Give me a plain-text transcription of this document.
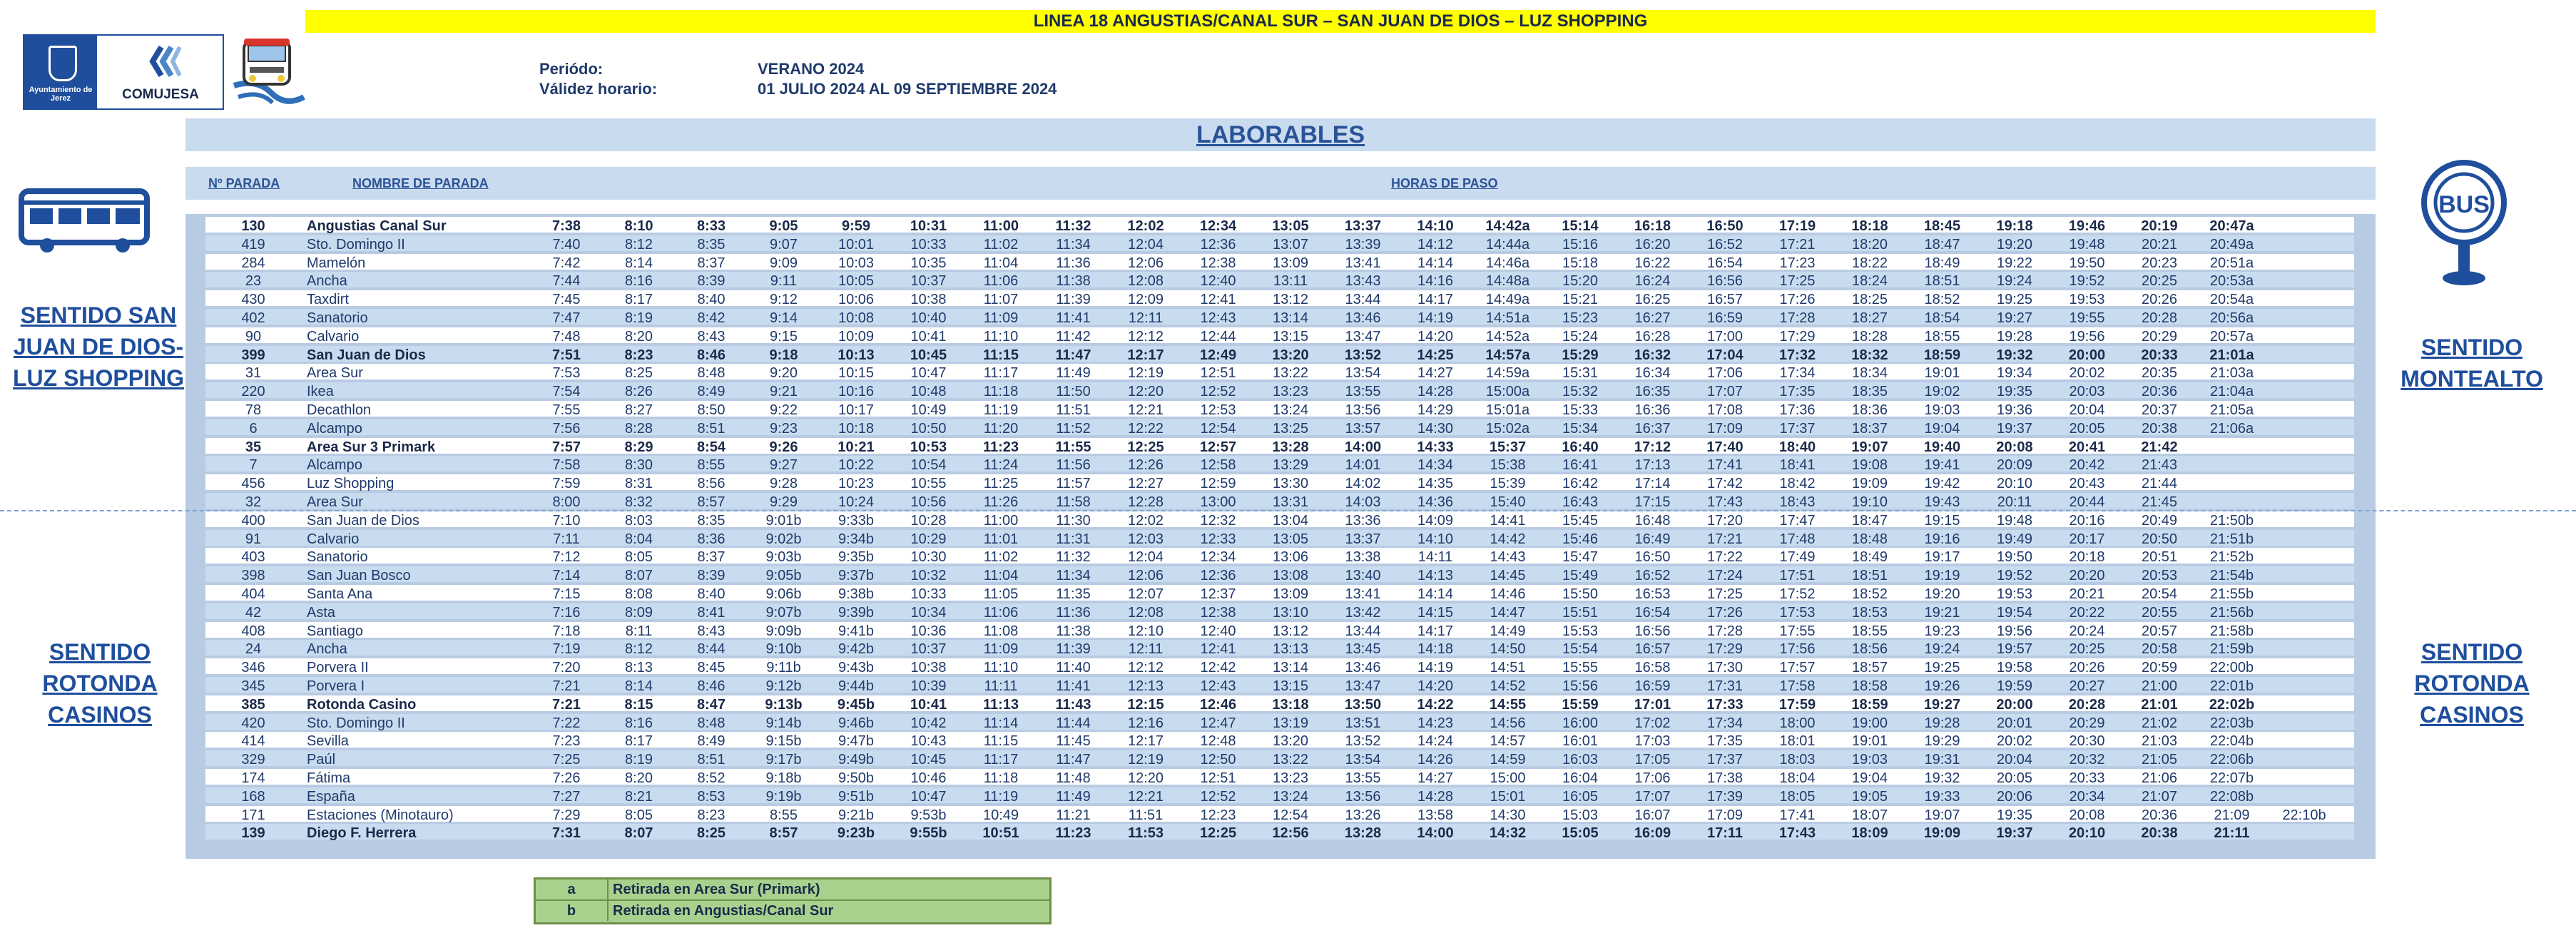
LINEA 18 ANGUSTIAS/CANAL SUR – SAN JUAN DE DIOS – LUZ SHOPPING
Ayuntamiento de Jerez	COMUJESA
Periódo:	VERANO 2024
Válidez horario:	01 JULIO 2024 AL 09 SEPTIEMBRE 2024
LABORABLES
Nº PARADA	NOMBRE DE PARADA	HORAS DE PASO
130	Angustias Canal Sur	7:38	8:10	8:33	9:05	9:59	10:31	11:00	11:32	12:02	12:34	13:05	13:37	14:10	14:42a	15:14	16:18	16:50	17:19	18:18	18:45	19:18	19:46	20:19	20:47a
419	Sto. Domingo II	7:40	8:12	8:35	9:07	10:01	10:33	11:02	11:34	12:04	12:36	13:07	13:39	14:12	14:44a	15:16	16:20	16:52	17:21	18:20	18:47	19:20	19:48	20:21	20:49a
284	Mamelón	7:42	8:14	8:37	9:09	10:03	10:35	11:04	11:36	12:06	12:38	13:09	13:41	14:14	14:46a	15:18	16:22	16:54	17:23	18:22	18:49	19:22	19:50	20:23	20:51a
23	Ancha	7:44	8:16	8:39	9:11	10:05	10:37	11:06	11:38	12:08	12:40	13:11	13:43	14:16	14:48a	15:20	16:24	16:56	17:25	18:24	18:51	19:24	19:52	20:25	20:53a
430	Taxdirt	7:45	8:17	8:40	9:12	10:06	10:38	11:07	11:39	12:09	12:41	13:12	13:44	14:17	14:49a	15:21	16:25	16:57	17:26	18:25	18:52	19:25	19:53	20:26	20:54a
402	Sanatorio	7:47	8:19	8:42	9:14	10:08	10:40	11:09	11:41	12:11	12:43	13:14	13:46	14:19	14:51a	15:23	16:27	16:59	17:28	18:27	18:54	19:27	19:55	20:28	20:56a
90	Calvario	7:48	8:20	8:43	9:15	10:09	10:41	11:10	11:42	12:12	12:44	13:15	13:47	14:20	14:52a	15:24	16:28	17:00	17:29	18:28	18:55	19:28	19:56	20:29	20:57a
399	San Juan de Dios	7:51	8:23	8:46	9:18	10:13	10:45	11:15	11:47	12:17	12:49	13:20	13:52	14:25	14:57a	15:29	16:32	17:04	17:32	18:32	18:59	19:32	20:00	20:33	21:01a
31	Area Sur	7:53	8:25	8:48	9:20	10:15	10:47	11:17	11:49	12:19	12:51	13:22	13:54	14:27	14:59a	15:31	16:34	17:06	17:34	18:34	19:01	19:34	20:02	20:35	21:03a
220	Ikea	7:54	8:26	8:49	9:21	10:16	10:48	11:18	11:50	12:20	12:52	13:23	13:55	14:28	15:00a	15:32	16:35	17:07	17:35	18:35	19:02	19:35	20:03	20:36	21:04a
78	Decathlon	7:55	8:27	8:50	9:22	10:17	10:49	11:19	11:51	12:21	12:53	13:24	13:56	14:29	15:01a	15:33	16:36	17:08	17:36	18:36	19:03	19:36	20:04	20:37	21:05a
6	Alcampo	7:56	8:28	8:51	9:23	10:18	10:50	11:20	11:52	12:22	12:54	13:25	13:57	14:30	15:02a	15:34	16:37	17:09	17:37	18:37	19:04	19:37	20:05	20:38	21:06a
35	Area Sur 3 Primark	7:57	8:29	8:54	9:26	10:21	10:53	11:23	11:55	12:25	12:57	13:28	14:00	14:33	15:37	16:40	17:12	17:40	18:40	19:07	19:40	20:08	20:41	21:42
7	Alcampo	7:58	8:30	8:55	9:27	10:22	10:54	11:24	11:56	12:26	12:58	13:29	14:01	14:34	15:38	16:41	17:13	17:41	18:41	19:08	19:41	20:09	20:42	21:43
456	Luz Shopping	7:59	8:31	8:56	9:28	10:23	10:55	11:25	11:57	12:27	12:59	13:30	14:02	14:35	15:39	16:42	17:14	17:42	18:42	19:09	19:42	20:10	20:43	21:44
32	Area Sur	8:00	8:32	8:57	9:29	10:24	10:56	11:26	11:58	12:28	13:00	13:31	14:03	14:36	15:40	16:43	17:15	17:43	18:43	19:10	19:43	20:11	20:44	21:45
400	San Juan de Dios	7:10	8:03	8:35	9:01b	9:33b	10:28	11:00	11:30	12:02	12:32	13:04	13:36	14:09	14:41	15:45	16:48	17:20	17:47	18:47	19:15	19:48	20:16	20:49	21:50b
91	Calvario	7:11	8:04	8:36	9:02b	9:34b	10:29	11:01	11:31	12:03	12:33	13:05	13:37	14:10	14:42	15:46	16:49	17:21	17:48	18:48	19:16	19:49	20:17	20:50	21:51b
403	Sanatorio	7:12	8:05	8:37	9:03b	9:35b	10:30	11:02	11:32	12:04	12:34	13:06	13:38	14:11	14:43	15:47	16:50	17:22	17:49	18:49	19:17	19:50	20:18	20:51	21:52b
398	San Juan Bosco	7:14	8:07	8:39	9:05b	9:37b	10:32	11:04	11:34	12:06	12:36	13:08	13:40	14:13	14:45	15:49	16:52	17:24	17:51	18:51	19:19	19:52	20:20	20:53	21:54b
404	Santa Ana	7:15	8:08	8:40	9:06b	9:38b	10:33	11:05	11:35	12:07	12:37	13:09	13:41	14:14	14:46	15:50	16:53	17:25	17:52	18:52	19:20	19:53	20:21	20:54	21:55b
42	Asta	7:16	8:09	8:41	9:07b	9:39b	10:34	11:06	11:36	12:08	12:38	13:10	13:42	14:15	14:47	15:51	16:54	17:26	17:53	18:53	19:21	19:54	20:22	20:55	21:56b
408	Santiago	7:18	8:11	8:43	9:09b	9:41b	10:36	11:08	11:38	12:10	12:40	13:12	13:44	14:17	14:49	15:53	16:56	17:28	17:55	18:55	19:23	19:56	20:24	20:57	21:58b
24	Ancha	7:19	8:12	8:44	9:10b	9:42b	10:37	11:09	11:39	12:11	12:41	13:13	13:45	14:18	14:50	15:54	16:57	17:29	17:56	18:56	19:24	19:57	20:25	20:58	21:59b
346	Porvera II	7:20	8:13	8:45	9:11b	9:43b	10:38	11:10	11:40	12:12	12:42	13:14	13:46	14:19	14:51	15:55	16:58	17:30	17:57	18:57	19:25	19:58	20:26	20:59	22:00b
345	Porvera I	7:21	8:14	8:46	9:12b	9:44b	10:39	11:11	11:41	12:13	12:43	13:15	13:47	14:20	14:52	15:56	16:59	17:31	17:58	18:58	19:26	19:59	20:27	21:00	22:01b
385	Rotonda Casino	7:21	8:15	8:47	9:13b	9:45b	10:41	11:13	11:43	12:15	12:46	13:18	13:50	14:22	14:55	15:59	17:01	17:33	17:59	18:59	19:27	20:00	20:28	21:01	22:02b
420	Sto. Domingo II	7:22	8:16	8:48	9:14b	9:46b	10:42	11:14	11:44	12:16	12:47	13:19	13:51	14:23	14:56	16:00	17:02	17:34	18:00	19:00	19:28	20:01	20:29	21:02	22:03b
414	Sevilla	7:23	8:17	8:49	9:15b	9:47b	10:43	11:15	11:45	12:17	12:48	13:20	13:52	14:24	14:57	16:01	17:03	17:35	18:01	19:01	19:29	20:02	20:30	21:03	22:04b
329	Paúl	7:25	8:19	8:51	9:17b	9:49b	10:45	11:17	11:47	12:19	12:50	13:22	13:54	14:26	14:59	16:03	17:05	17:37	18:03	19:03	19:31	20:04	20:32	21:05	22:06b
174	Fátima	7:26	8:20	8:52	9:18b	9:50b	10:46	11:18	11:48	12:20	12:51	13:23	13:55	14:27	15:00	16:04	17:06	17:38	18:04	19:04	19:32	20:05	20:33	21:06	22:07b
168	España	7:27	8:21	8:53	9:19b	9:51b	10:47	11:19	11:49	12:21	12:52	13:24	13:56	14:28	15:01	16:05	17:07	17:39	18:05	19:05	19:33	20:06	20:34	21:07	22:08b
171	Estaciones (Minotauro)	7:29	8:05	8:23	8:55	9:21b	9:53b	10:49	11:21	11:51	12:23	12:54	13:26	13:58	14:30	15:03	16:07	17:09	17:41	18:07	19:07	19:35	20:08	20:36	21:09	22:10b
139	Diego F. Herrera	7:31	8:07	8:25	8:57	9:23b	9:55b	10:51	11:23	11:53	12:25	12:56	13:28	14:00	14:32	15:05	16:09	17:11	17:43	18:09	19:09	19:37	20:10	20:38	21:11
SENTIDO SAN JUAN DE DIOS-LUZ SHOPPING
BUS
SENTIDO MONTEALTO
SENTIDO ROTONDA CASINOS
SENTIDO ROTONDA CASINOS
a	Retirada en Area Sur (Primark)
b	Retirada en Angustias/Canal Sur
